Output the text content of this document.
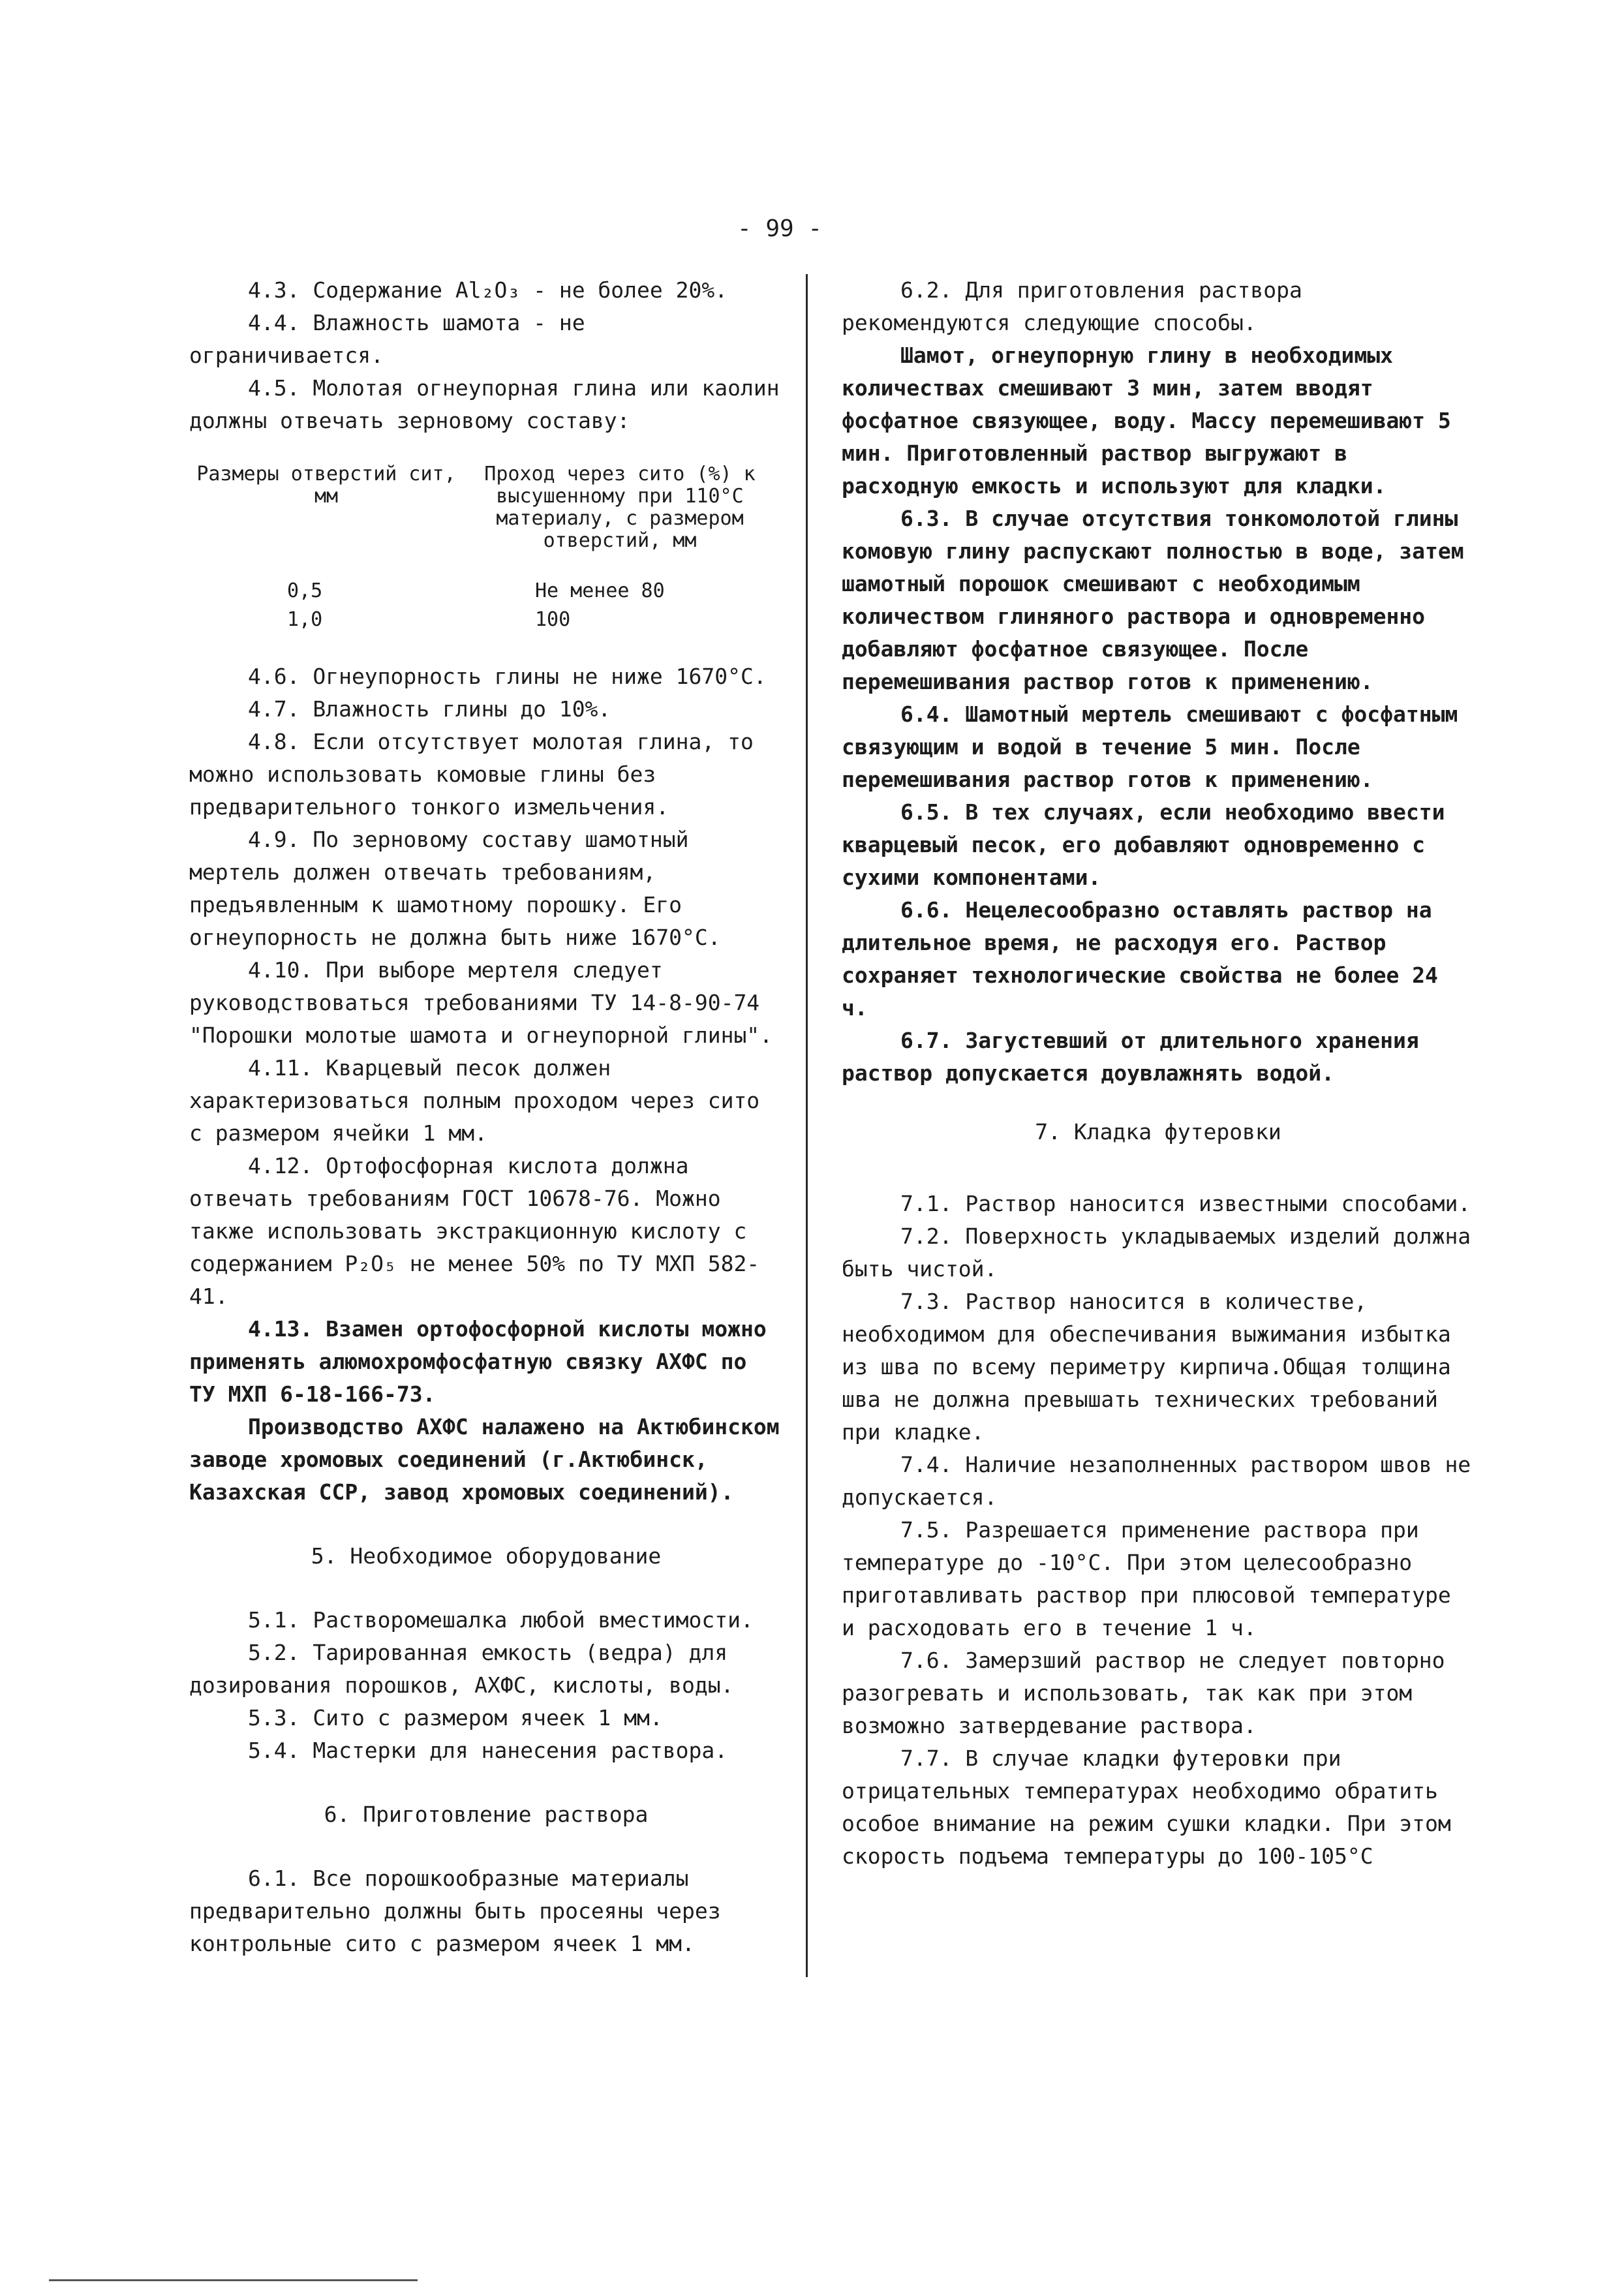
- 99 -

4.3. Содержание Al₂O₃ - не более 20%.

4.4. Влажность шамота - не ограничивается.

4.5. Молотая огнеупорная глина или каолин должны отвечать зерновому составу:

Размеры отверстий сит, мм
Проход через сито (%) к высушенному при 110°С материалу, с размером отверстий, мм
0,5	Не менее 80
1,0	100

4.6. Огнеупорность глины не ниже 1670°С.

4.7. Влажность глины до 10%.

4.8. Если отсутствует молотая глина, то можно использовать комовые глины без предварительного тонкого измельчения.

4.9. По зерновому составу шамотный мертель должен отвечать требованиям, предъявленным к шамотному порошку. Его огнеупорность не должна быть ниже 1670°С.

4.10. При выборе мертеля следует руководствоваться требованиями ТУ 14-8-90-74 "Порошки молотые шамота и огнеупорной глины".

4.11. Кварцевый песок должен характеризоваться полным проходом через сито с размером ячейки 1 мм.

4.12. Ортофосфорная кислота должна отвечать требованиям ГОСТ 10678-76. Можно также использовать экстракционную кислоту с содержанием P₂O₅ не менее 50% по ТУ МХП 582-41.

4.13. Взамен ортофосфорной кислоты можно применять алюмохромфосфатную связку АХФС по ТУ МХП 6-18-166-73.

Производство АХФС налажено на Актюбинском заводе хромовых соединений (г.Актюбинск, Казахская ССР, завод хромовых соединений).

5. Необходимое оборудование

5.1. Растворомешалка любой вместимости.

5.2. Тарированная емкость (ведра) для дозирования порошков, АХФС, кислоты, воды.

5.3. Сито с размером ячеек 1 мм.

5.4. Мастерки для нанесения раствора.

6. Приготовление раствора

6.1. Все порошкообразные материалы предварительно должны быть просеяны через контрольные сито с размером ячеек 1 мм.

6.2. Для приготовления раствора рекомендуются следующие способы.

Шамот, огнеупорную глину в необходимых количествах смешивают 3 мин, затем вводят фосфатное связующее, воду. Массу перемешивают 5 мин. Приготовленный раствор выгружают в расходную емкость и используют для кладки.

6.3. В случае отсутствия тонкомолотой глины комовую глину распускают полностью в воде, затем шамотный порошок смешивают с необходимым количеством глиняного раствора и одновременно добавляют фосфатное связующее. После перемешивания раствор готов к применению.

6.4. Шамотный мертель смешивают с фосфатным связующим и водой в течение 5 мин. После перемешивания раствор готов к применению.

6.5. В тех случаях, если необходимо ввести кварцевый песок, его добавляют одновременно с сухими компонентами.

6.6. Нецелесообразно оставлять раствор на длительное время, не расходуя его. Раствор сохраняет технологические свойства не более 24 ч.

6.7. Загустевший от длительного хранения раствор допускается доувлажнять водой.

7. Кладка футеровки

7.1. Раствор наносится известными способами.

7.2. Поверхность укладываемых изделий должна быть чистой.

7.3. Раствор наносится в количестве, необходимом для обеспечивания выжимания избытка из шва по всему периметру кирпича.Общая толщина шва не должна превышать технических требований при кладке.

7.4. Наличие незаполненных раствором швов не допускается.

7.5. Разрешается применение раствора при температуре до -10°С. При этом целесообразно приготавливать раствор при плюсовой температуре и расходовать его в течение 1 ч.

7.6. Замерзший раствор не следует повторно разогревать и использовать, так как при этом возможно затвердевание раствора.

7.7. В случае кладки футеровки при отрицательных температурах необходимо обратить особое внимание на режим сушки кладки. При этом скорость подъема температуры до 100-105°С
